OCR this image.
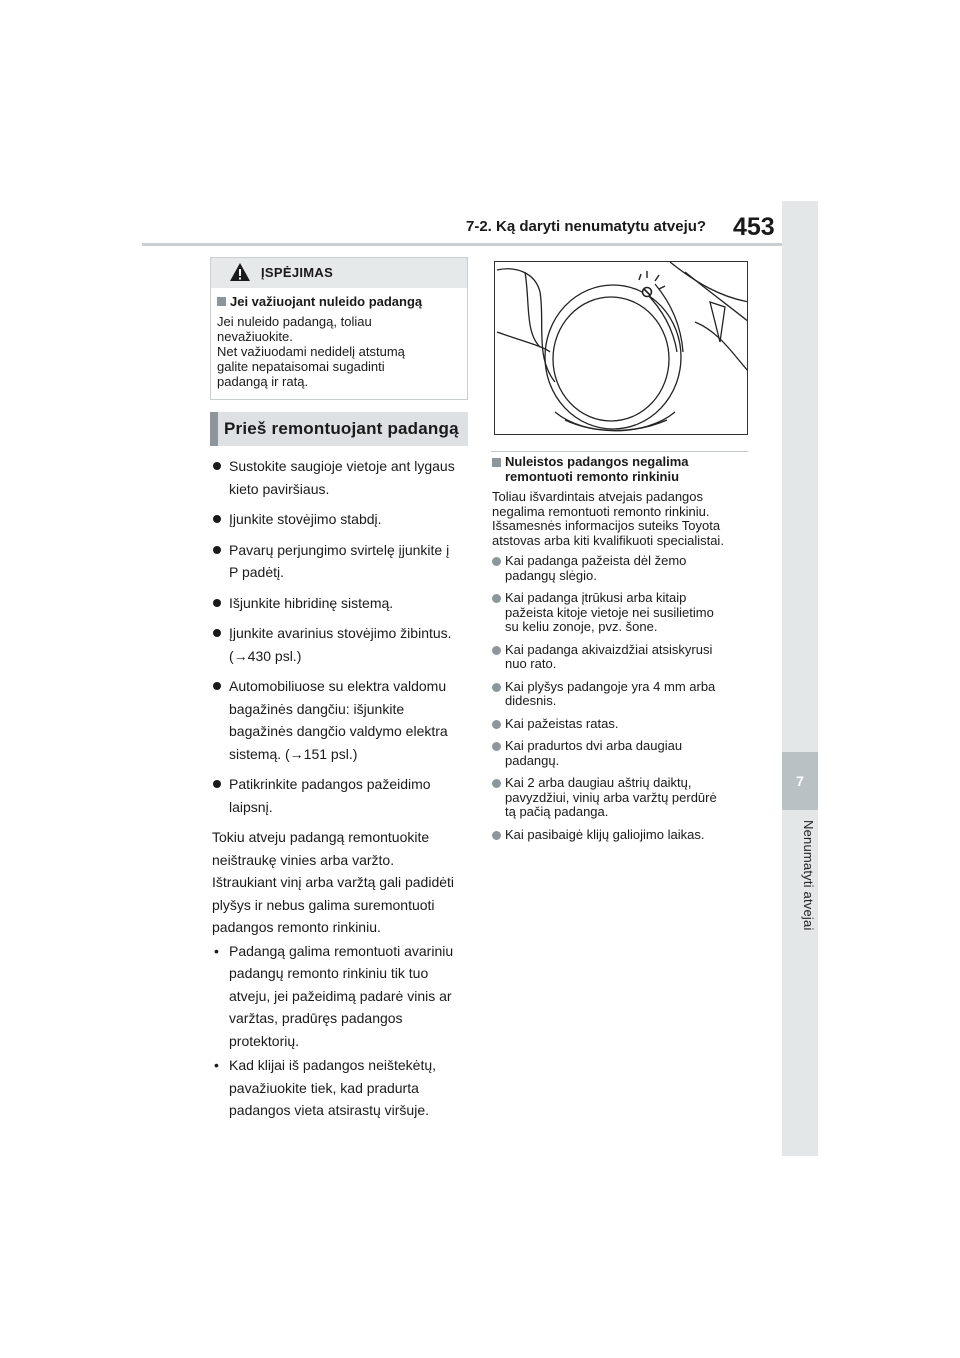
7-2. Ką daryti nenumatytu atveju? 453
7
Nenumatyti atvejai
ĮSPĖJIMAS
Jei važiuojant nuleido padangą
Jei nuleido padangą, toliau
nevažiuokite.
Net važiuodami nedidelį atstumą
galite nepataisomai sugadinti
padangą ir ratą.
Prieš remontuojant padangą
Sustokite saugioje vietoje ant lygaus
kieto paviršiaus.
Įjunkite stovėjimo stabdį.
Pavarų perjungimo svirtelę įjunkite į
P padėtį.
Išjunkite hibridinę sistemą.
Įjunkite avarinius stovėjimo žibintus.
(→430 psl.)
Automobiliuose su elektra valdomu
bagažinės dangčiu: išjunkite
bagažinės dangčio valdymo elektra
sistemą. (→151 psl.)
Patikrinkite padangos pažeidimo
laipsnį.
Tokiu atveju padangą remontuokite
neištraukę vinies arba varžto.
Ištraukiant vinį arba varžtą gali padidėti
plyšys ir nebus galima suremontuoti
padangos remonto rinkiniu.
• Padangą galima remontuoti avariniu
padangų remonto rinkiniu tik tuo
atveju, jei pažeidimą padarė vinis ar
varžtas, pradūręs padangos
protektorių.
• Kad klijai iš padangos neištekėtų,
pavažiuokite tiek, kad pradurta
padangos vieta atsirastų viršuje.
Nuleistos padangos negalima
remontuoti remonto rinkiniu
Toliau išvardintais atvejais padangos
negalima remontuoti remonto rinkiniu.
Išsamesnės informacijos suteiks Toyota
atstovas arba kiti kvalifikuoti specialistai.
Kai padanga pažeista dėl žemo
padangų slėgio.
Kai padanga įtrūkusi arba kitaip
pažeista kitoje vietoje nei susilietimo
su keliu zonoje, pvz. šone.
Kai padanga akivaizdžiai atsiskyrusi
nuo rato.
Kai plyšys padangoje yra 4 mm arba
didesnis.
Kai pažeistas ratas.
Kai pradurtos dvi arba daugiau
padangų.
Kai 2 arba daugiau aštrių daiktų,
pavyzdžiui, vinių arba varžtų perdūrė
tą pačią padanga.
Kai pasibaigė klijų galiojimo laikas.
